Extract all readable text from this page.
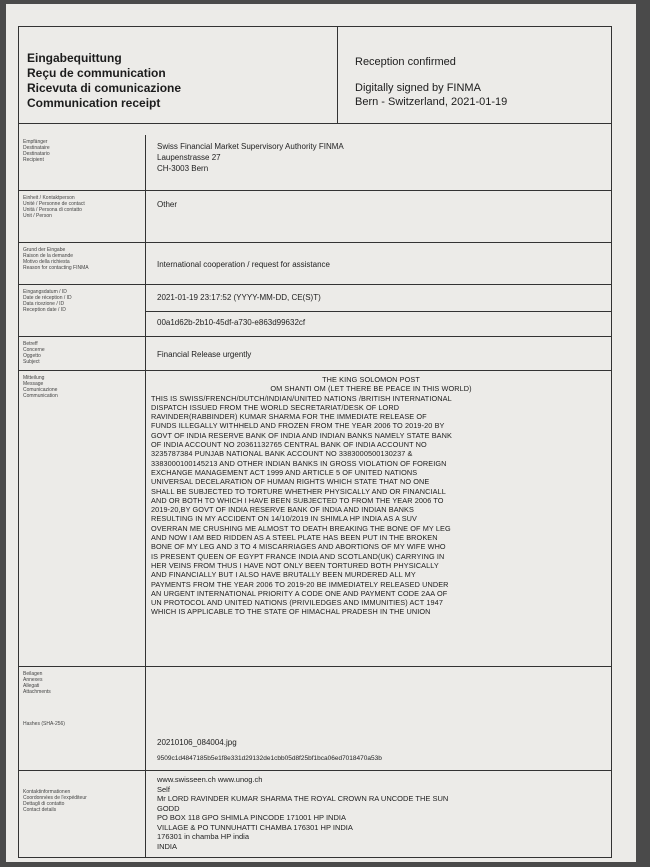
Eingabequittung
Reçu de communication
Ricevuta di comunicazione
Communication receipt
Reception confirmed
Digitally signed by FINMA
Bern - Switzerland, 2021-01-19
Empfänger
Destinataire
Destinatario
Recipient
Swiss Financial Market Supervisory Authority FINMA
Laupenstrasse 27
CH-3003 Bern
Einheit / Kontaktperson
Unité / Personne de contact
Unità / Persona di contatto
Unit / Person
Other
Grund der Eingabe
Raison de la demande
Motivo della richiesta
Reason for contacting FINMA	International cooperation / request for assistance
Eingangsdatum / ID
Date de réception / ID
Data ricezione / ID
Reception date / ID
2021-01-19 23:17:52 (YYYY-MM-DD, CE(S)T)
00a1d62b-2b10-45df-a730-e863d99632cf
Betreff
Concerne
Oggetto
Subject
Financial Release urgently
Mitteilung
Message
Comunicazione
Communication
THE KING SOLOMON POST
OM SHANTI OM (LET THERE BE PEACE IN THIS WORLD)
THIS IS SWISS/FRENCH/DUTCH/INDIAN/UNITED NATIONS /BRITISH INTERNATIONAL
DISPATCH ISSUED FROM THE WORLD SECRETARIAT/DESK OF LORD
RAVINDER(RABBINDER) KUMAR SHARMA FOR THE IMMEDIATE RELEASE OF
FUNDS ILLEGALLY WITHHELD AND FROZEN FROM THE YEAR 2006 TO 2019-20 BY
GOVT OF INDIA RESERVE BANK OF INDIA AND INDIAN BANKS NAMELY STATE BANK
OF INDIA ACCOUNT NO 20361132765 CENTRAL BANK OF INDIA ACCOUNT NO
3235787384 PUNJAB NATIONAL BANK ACCOUNT NO 3383000500130237 &
3383000100145213 AND OTHER INDIAN BANKS IN GROSS VIOLATION OF FOREIGN
EXCHANGE MANAGEMENT ACT 1999 AND ARTICLE 5 OF UNITED NATIONS
UNIVERSAL DECELARATION OF HUMAN RIGHTS WHICH STATE THAT NO ONE
SHALL BE SUBJECTED TO TORTURE WHETHER PHYSICALLY AND OR FINANCIALL
AND OR BOTH TO WHICH I HAVE BEEN SUBJECTED TO FROM THE YEAR 2006 TO
2019-20,BY GOVT OF INDIA RESERVE BANK OF INDIA AND INDIAN BANKS
RESULTING IN MY ACCIDENT ON 14/10/2019 IN SHIMLA HP INDIA AS A SUV
OVERRAN ME CRUSHING ME ALMOST TO DEATH BREAKING THE BONE OF MY LEG
AND NOW I AM BED RIDDEN AS A STEEL PLATE HAS BEEN PUT IN THE BROKEN
BONE OF MY LEG AND 3 TO 4 MISCARRIAGES AND ABORTIONS OF MY WIFE WHO
IS PRESENT QUEEN OF EGYPT FRANCE INDIA AND SCOTLAND(UK) CARRYING IN
HER VEINS FROM THUS I HAVE NOT ONLY BEEN TORTURED BOTH PHYSICALLY
AND FINANCIALLY BUT I ALSO HAVE BRUTALLY BEEN MURDERED ALL MY
PAYMENTS FROM THE YEAR 2006 TO 2019-20 BE IMMEDIATELY RELEASED UNDER
AN URGENT INTERNATIONAL PRIORITY A CODE ONE AND PAYMENT CODE 2AA OF
UN PROTOCOL AND UNITED NATIONS (PRIVILEDGES AND IMMUNITIES) ACT 1947
WHICH IS APPLICABLE TO THE STATE OF HIMACHAL PRADESH IN THE UNION
Beilagen
Annexes
Allegati
Attachments
Hashes (SHA-256)
20210106_084004.jpg
9509c1d4847185b5e1f8e331d29132de1cbb05d8f25bf1bca06ed7018470a53b
Kontaktinformationen
Coordonnées de l'expéditeur
Dettagli di contatto
Contact details
www.swisseen.ch www.unog.ch
Self
Mr LORD RAVINDER KUMAR SHARMA THE ROYAL CROWN RA UNCODE THE SUN
GODD
PO BOX 118 GPO SHIMLA PINCODE 171001 HP INDIA
VILLAGE & PO TUNNUHATTI CHAMBA 176301 HP INDIA
176301 in chamba HP india
INDIA
